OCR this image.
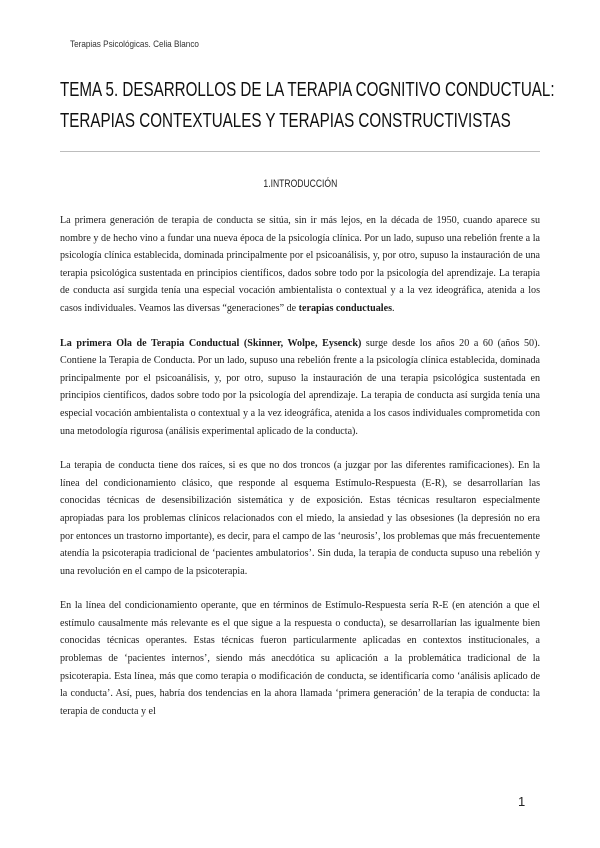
Terapias Psicológicas. Celia Blanco
TEMA 5. DESARROLLOS DE LA TERAPIA COGNITIVO CONDUCTUAL:
TERAPIAS CONTEXTUALES Y TERAPIAS CONSTRUCTIVISTAS
1.INTRODUCCIÓN

La primera generación de terapia de conducta se sitúa, sin ir más lejos, en la década de 1950, cuando aparece su nombre y de hecho vino a fundar una nueva época de la psicología clínica. Por un lado, supuso una rebelión frente a la psicología clínica establecida, dominada principalmente por el psicoanálisis, y, por otro, supuso la instauración de una terapia psicológica sustentada en principios científicos, dados sobre todo por la psicología del aprendizaje. La terapia de conducta así surgida tenía una especial vocación ambientalista o contextual y a la vez ideográfica, atenida a los casos individuales. Veamos las diversas “generaciones” de terapias conductuales.

La primera Ola de Terapia Conductual (Skinner, Wolpe, Eysenck) surge desde los años 20 a 60 (años 50). Contiene la Terapia de Conducta. Por un lado, supuso una rebelión frente a la psicología clínica establecida, dominada principalmente por el psicoanálisis, y, por otro, supuso la instauración de una terapia psicológica sustentada en principios científicos, dados sobre todo por la psicología del aprendizaje. La terapia de conducta así surgida tenía una especial vocación ambientalista o contextual y a la vez ideográfica, atenida a los casos individuales comprometida con una metodología rigurosa (análisis experimental aplicado de la conducta).

La terapia de conducta tiene dos raíces, si es que no dos troncos (a juzgar por las diferentes ramificaciones). En la línea del condicionamiento clásico, que responde al esquema Estímulo-Respuesta (E-R), se desarrollarían las conocidas técnicas de desensibilización sistemática y de exposición. Estas técnicas resultaron especialmente apropiadas para los problemas clínicos relacionados con el miedo, la ansiedad y las obsesiones (la depresión no era por entonces un trastorno importante), es decir, para el campo de las ‘neurosis’, los problemas que más frecuentemente atendía la psicoterapia tradicional de ‘pacientes ambulatorios’. Sin duda, la terapia de conducta supuso una rebelión y una revolución en el campo de la psicoterapia.

En la línea del condicionamiento operante, que en términos de Estímulo-Respuesta sería R-E (en atención a que el estímulo causalmente más relevante es el que sigue a la respuesta o conducta), se desarrollarían las igualmente bien conocidas técnicas operantes. Estas técnicas fueron particularmente aplicadas en contextos institucionales, a problemas de ‘pacientes internos’, siendo más anecdótica su aplicación a la problemática tradicional de la psicoterapia. Esta línea, más que como terapia o modificación de conducta, se identificaría como ‘análisis aplicado de la conducta’. Así, pues, habría dos tendencias en la ahora llamada ‘primera generación’ de la terapia de conducta: la terapia de conducta y el

1
